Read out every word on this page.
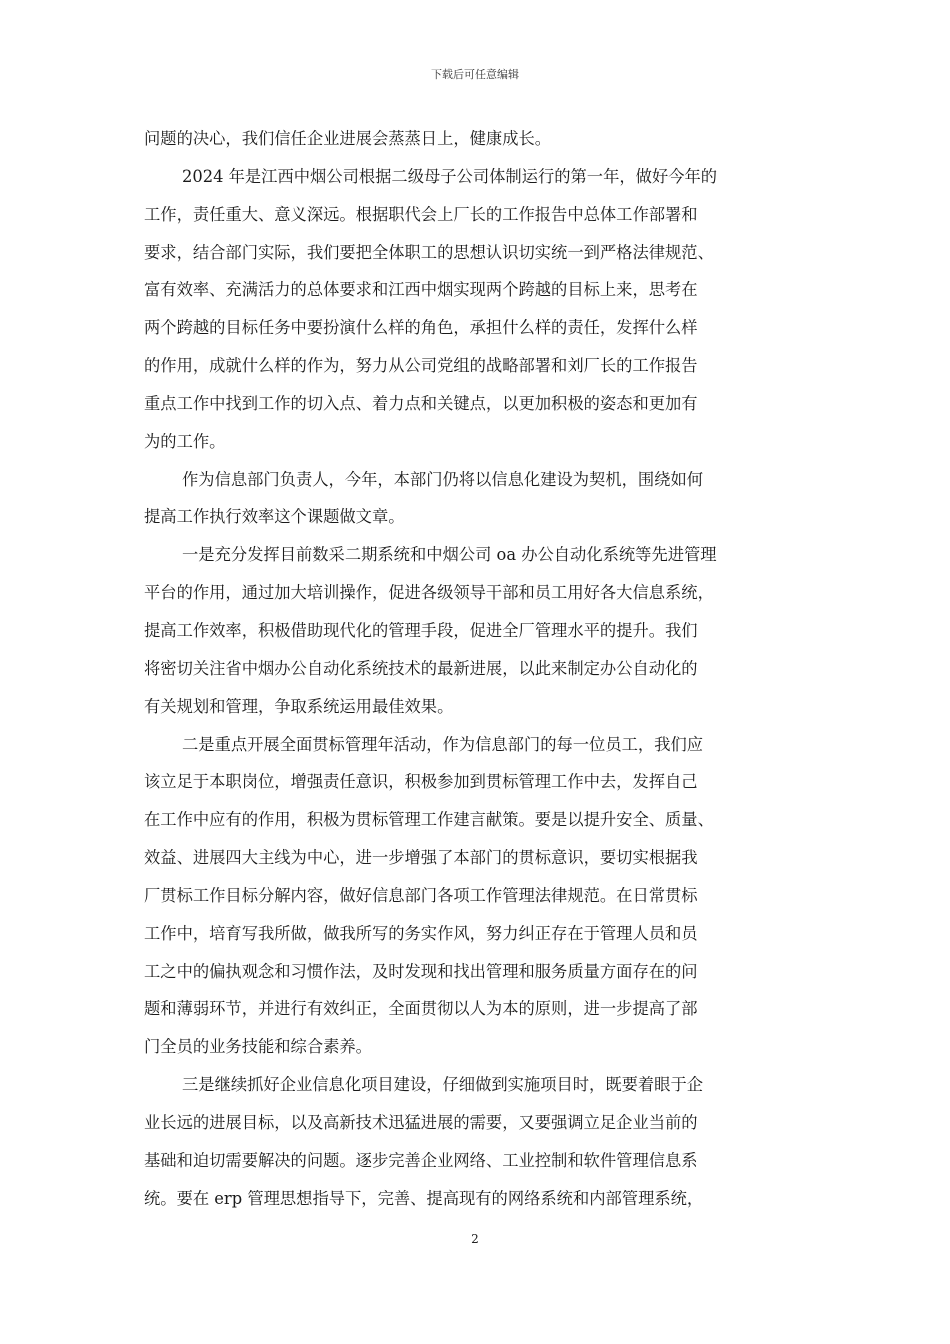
下载后可任意编辑
问题的决心，我们信任企业进展会蒸蒸日上，健康成长。
2024 年是江西中烟公司根据二级母子公司体制运行的第一年，做好今年的
工作，责任重大、意义深远。根据职代会上厂长的工作报告中总体工作部署和
要求，结合部门实际，我们要把全体职工的思想认识切实统一到严格法律规范、
富有效率、充满活力的总体要求和江西中烟实现两个跨越的目标上来，思考在
两个跨越的目标任务中要扮演什么样的角色，承担什么样的责任，发挥什么样
的作用，成就什么样的作为，努力从公司党组的战略部署和刘厂长的工作报告
重点工作中找到工作的切入点、着力点和关键点，以更加积极的姿态和更加有
为的工作。
作为信息部门负责人，今年，本部门仍将以信息化建设为契机，围绕如何
提高工作执行效率这个课题做文章。
一是充分发挥目前数采二期系统和中烟公司 oa 办公自动化系统等先进管理
平台的作用，通过加大培训操作，促进各级领导干部和员工用好各大信息系统，
提高工作效率，积极借助现代化的管理手段，促进全厂管理水平的提升。我们
将密切关注省中烟办公自动化系统技术的最新进展，以此来制定办公自动化的
有关规划和管理，争取系统运用最佳效果。
二是重点开展全面贯标管理年活动，作为信息部门的每一位员工，我们应
该立足于本职岗位，增强责任意识，积极参加到贯标管理工作中去，发挥自己
在工作中应有的作用，积极为贯标管理工作建言献策。要是以提升安全、质量、
效益、进展四大主线为中心，进一步增强了本部门的贯标意识，要切实根据我
厂贯标工作目标分解内容，做好信息部门各项工作管理法律规范。在日常贯标
工作中，培育写我所做，做我所写的务实作风，努力纠正存在于管理人员和员
工之中的偏执观念和习惯作法，及时发现和找出管理和服务质量方面存在的问
题和薄弱环节，并进行有效纠正，全面贯彻以人为本的原则，进一步提高了部
门全员的业务技能和综合素养。
三是继续抓好企业信息化项目建设，仔细做到实施项目时，既要着眼于企
业长远的进展目标，以及高新技术迅猛进展的需要，又要强调立足企业当前的
基础和迫切需要解决的问题。逐步完善企业网络、工业控制和软件管理信息系
统。要在 erp 管理思想指导下，完善、提高现有的网络系统和内部管理系统，
2
